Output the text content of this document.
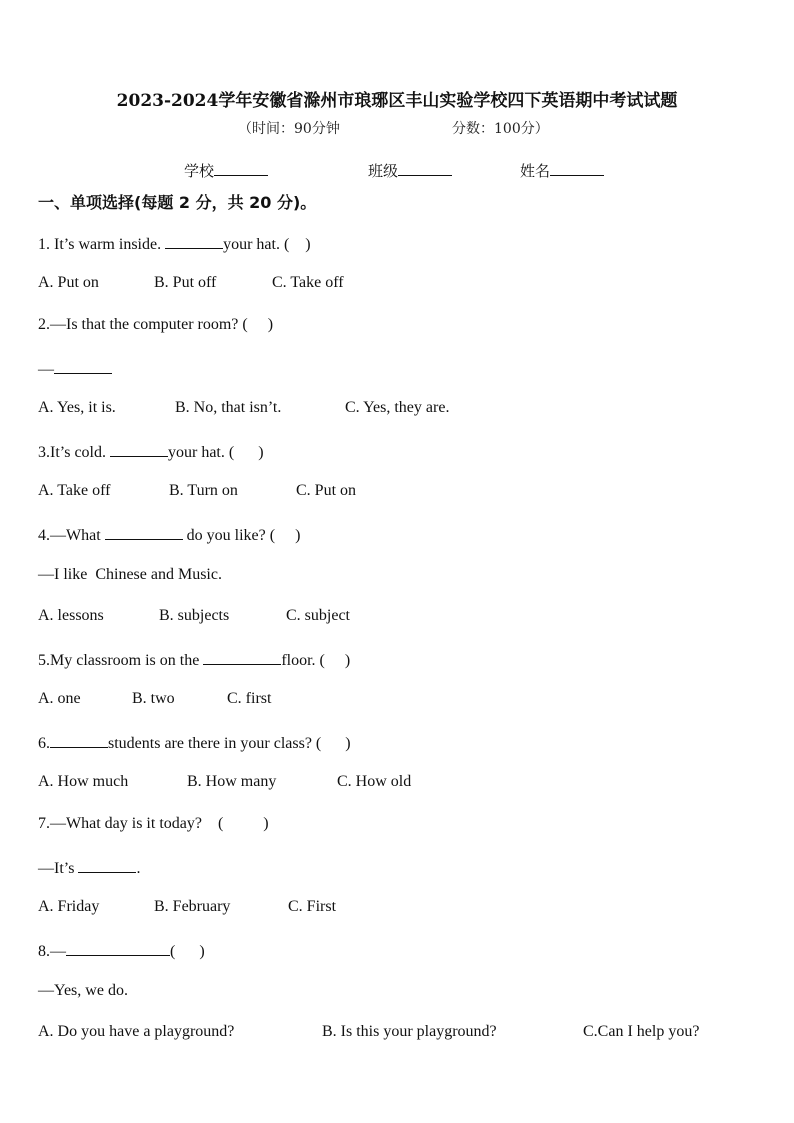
2023-2024学年安徽省滁州市琅琊区丰山实验学校四下英语期中考试试题
（时间：90分钟	分数：100分）
学校	班级	姓名
一、单项选择(每题 2 分，共 20 分)。
1. It’s warm inside.	your hat. (    )
A. Put on	B. Put off	C. Take off
2.—Is that the computer room? (     )
—
A. Yes, it is.	B. No, that isn’t.	C. Yes, they are.
3.It’s cold.	your hat. (      )
A. Take off	B. Turn on	C. Put on
4.—What	do you like? (     )
—I like  Chinese and Music.
A. lessons	B. subjects	C. subject
5.My classroom is on the	floor. (     )
A. one	B. two	C. first
6.	students are there in your class? (      )
A. How much	B. How many	C. How old
7.—What day is it today?    (          )
—It’s	.
A. Friday	B. February	C. First
8.—	(      )
—Yes, we do.
A. Do you have a playground?	B. Is this your playground?	C.Can I help you?
